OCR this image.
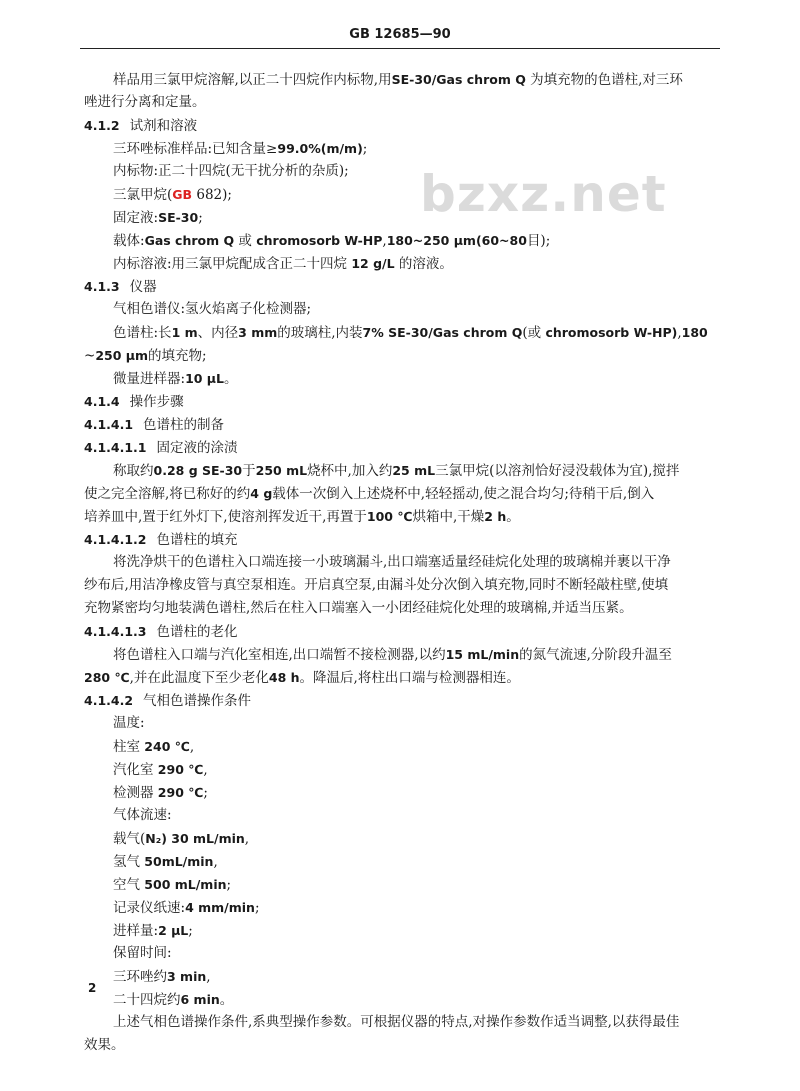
GB 12685—90
bzxz.net
样品用三氯甲烷溶解,以正二十四烷作内标物,用SE-30/Gas chrom Q 为填充物的色谱柱,对三环
唑进行分离和定量。
4.1.2 试剂和溶液
三环唑标准样品:已知含量≥99.0%(m/m);
内标物:正二十四烷(无干扰分析的杂质);
三氯甲烷(GB 682);
固定液:SE-30;
载体:Gas chrom Q 或 chromosorb W-HP,180~250 μm(60~80目);
内标溶液:用三氯甲烷配成含正二十四烷 12 g/L 的溶液。
4.1.3 仪器
气相色谱仪:氢火焰离子化检测器;
色谱柱:长1 m、内径3 mm的玻璃柱,内装7% SE-30/Gas chrom Q(或 chromosorb W-HP),180
~250 μm的填充物;
微量进样器:10 μL。
4.1.4 操作步骤
4.1.4.1 色谱柱的制备
4.1.4.1.1 固定液的涂渍
称取约0.28 g SE-30于250 mL烧杯中,加入约25 mL三氯甲烷(以溶剂恰好浸没载体为宜),搅拌
使之完全溶解,将已称好的约4 g载体一次倒入上述烧杯中,轻轻摇动,使之混合均匀;待稍干后,倒入
培养皿中,置于红外灯下,使溶剂挥发近干,再置于100 ℃烘箱中,干燥2 h。
4.1.4.1.2 色谱柱的填充
将洗净烘干的色谱柱入口端连接一小玻璃漏斗,出口端塞适量经硅烷化处理的玻璃棉并裹以干净
纱布后,用洁净橡皮管与真空泵相连。开启真空泵,由漏斗处分次倒入填充物,同时不断轻敲柱壁,使填
充物紧密均匀地装满色谱柱,然后在柱入口端塞入一小团经硅烷化处理的玻璃棉,并适当压紧。
4.1.4.1.3 色谱柱的老化
将色谱柱入口端与汽化室相连,出口端暂不接检测器,以约15 mL/min的氮气流速,分阶段升温至
280 ℃,并在此温度下至少老化48 h。降温后,将柱出口端与检测器相连。
4.1.4.2 气相色谱操作条件
温度:
柱室 240 ℃,
汽化室 290 ℃,
检测器 290 ℃;
气体流速:
载气(N₂) 30 mL/min,
氢气 50mL/min,
空气 500 mL/min;
记录仪纸速:4 mm/min;
进样量:2 μL;
保留时间:
三环唑约3 min,
二十四烷约6 min。
上述气相色谱操作条件,系典型操作参数。可根据仪器的特点,对操作参数作适当调整,以获得最佳
效果。
2
